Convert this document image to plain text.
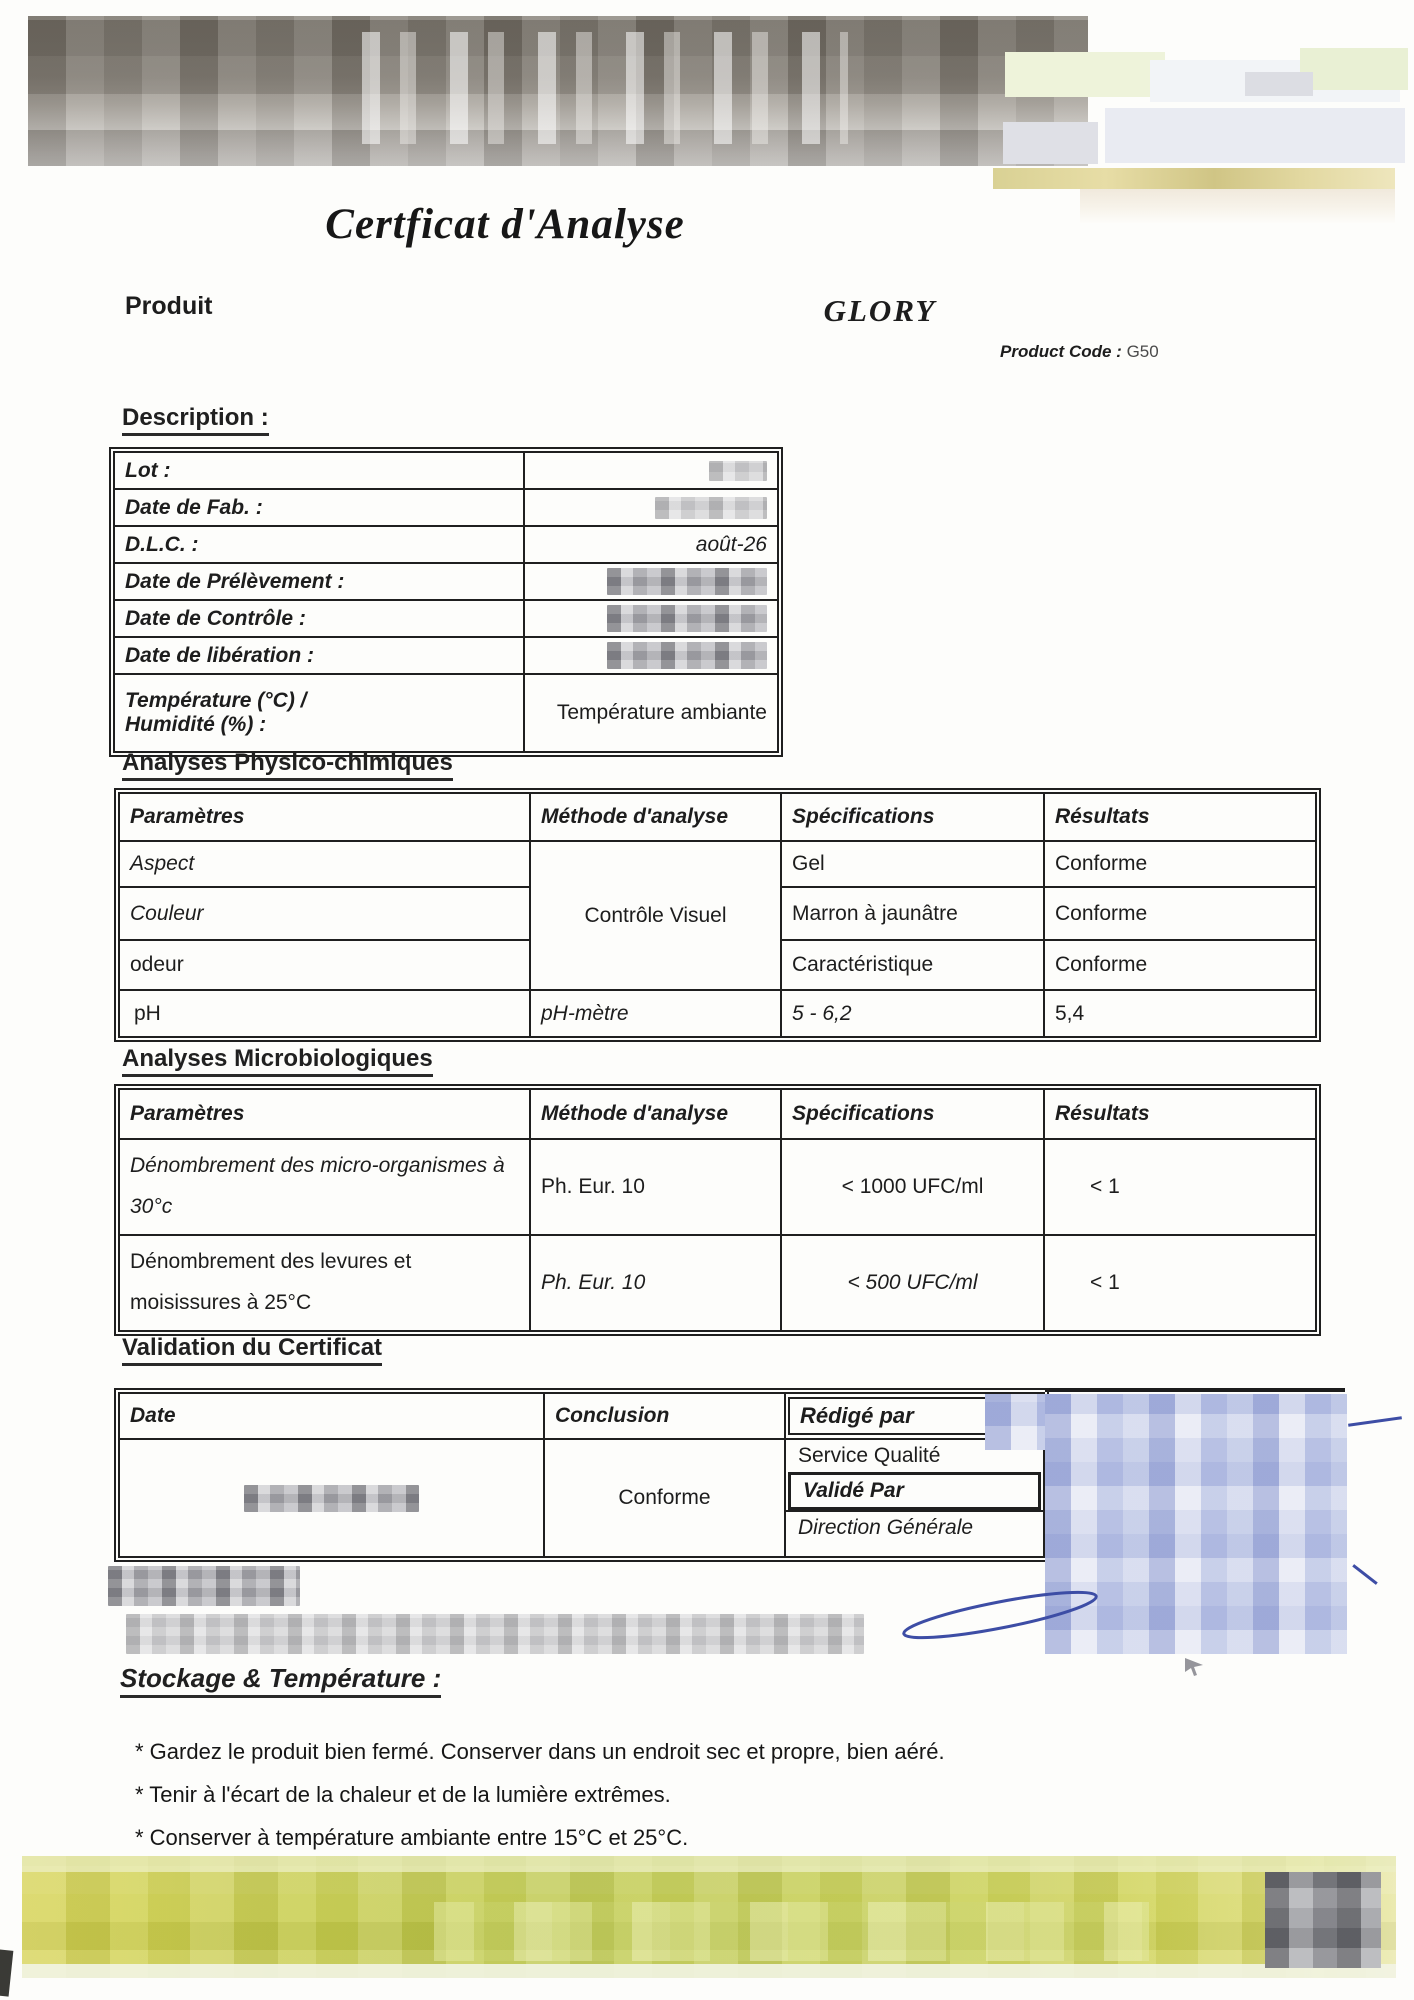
Certficat d'Analyse
Produit	GLORY
Product Code : G50
Description :
Lot :	
Date de Fab. :	
D.L.C. :	août-26
Date de Prélèvement :	
Date de Contrôle :	
Date de libération :	

Température (°C) /
Humidité (%) :	Température ambiante
Analyses Physico-chimiques
Paramètres	Méthode d'analyse	Spécifications	Résultats
Aspect	Contrôle Visuel	Gel	Conforme
Couleur		Marron à jaunâtre	Conforme
odeur		Caractéristique	Conforme
pH	pH-mètre	5 - 6,2	5,4
Analyses Microbiologiques
Paramètres	Méthode d'analyse	Spécifications	Résultats
Dénombrement des micro-organismes à 30°c	Ph. Eur. 10	< 1000 UFC/ml	< 1
Dénombrement des levures et moisissures à 25°C	Ph. Eur. 10	< 500 UFC/ml	< 1
Validation du Certificat
Date	Conclusion	Rédigé par

	Conforme	Service Qualité
Validé Par
Direction Générale
Stockage & Température :
* Gardez le produit bien fermé. Conserver dans un endroit sec et propre, bien aéré.
* Tenir à l'écart de la chaleur et de la lumière extrêmes.
* Conserver à température ambiante entre 15°C et 25°C.
